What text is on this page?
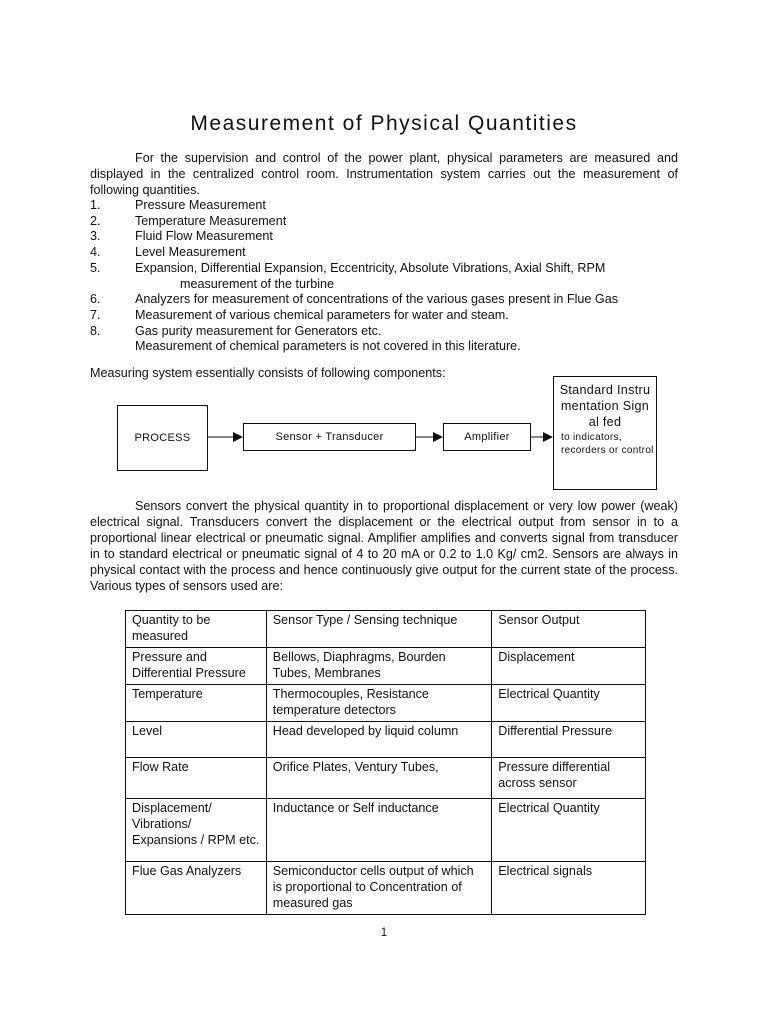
Measurement of Physical Quantities

For the supervision and control of the power plant, physical parameters are measured and displayed in the centralized control room. Instrumentation system carries out the measurement of following quantities.

1.	Pressure Measurement
2.	Temperature Measurement
3.	Fluid Flow Measurement
4.	Level Measurement
5.	Expansion, Differential Expansion, Eccentricity, Absolute Vibrations, Axial Shift, RPM
measurement of the turbine
6.	Analyzers for measurement of concentrations of the various gases present in Flue Gas
7.	Measurement of various chemical parameters for water and steam.
8.	Gas purity measurement for Generators etc.
Measurement of chemical parameters is not covered in this literature.
Measuring system essentially consists of following components:
PROCESS	Sensor + Transducer	Amplifier
Standard Instrumentation Signal fed
to indicators, recorders or control

Sensors convert the physical quantity in to proportional displacement or very low power (weak) electrical signal. Transducers convert the displacement or the electrical output from sensor in to a proportional linear electrical or pneumatic signal. Amplifier amplifies and converts signal from transducer in to standard electrical or pneumatic signal of 4 to 20 mA or 0.2 to 1.0 Kg/ cm2. Sensors are always in physical contact with the process and hence continuously give output for the current state of the process. Various types of sensors used are:

Quantity to be measured	Sensor Type / Sensing technique	Sensor Output
Pressure and Differential Pressure	Bellows, Diaphragms, Bourden Tubes, Membranes	Displacement
Temperature	Thermocouples, Resistance temperature detectors	Electrical Quantity
Level	Head developed by liquid column	Differential Pressure
Flow Rate	Orifice Plates, Ventury Tubes,	Pressure differential across sensor
Displacement/ Vibrations/ Expansions / RPM etc.	Inductance or Self inductance	Electrical Quantity
Flue Gas Analyzers	Semiconductor cells output of which is proportional to Concentration of measured gas	Electrical signals
1
